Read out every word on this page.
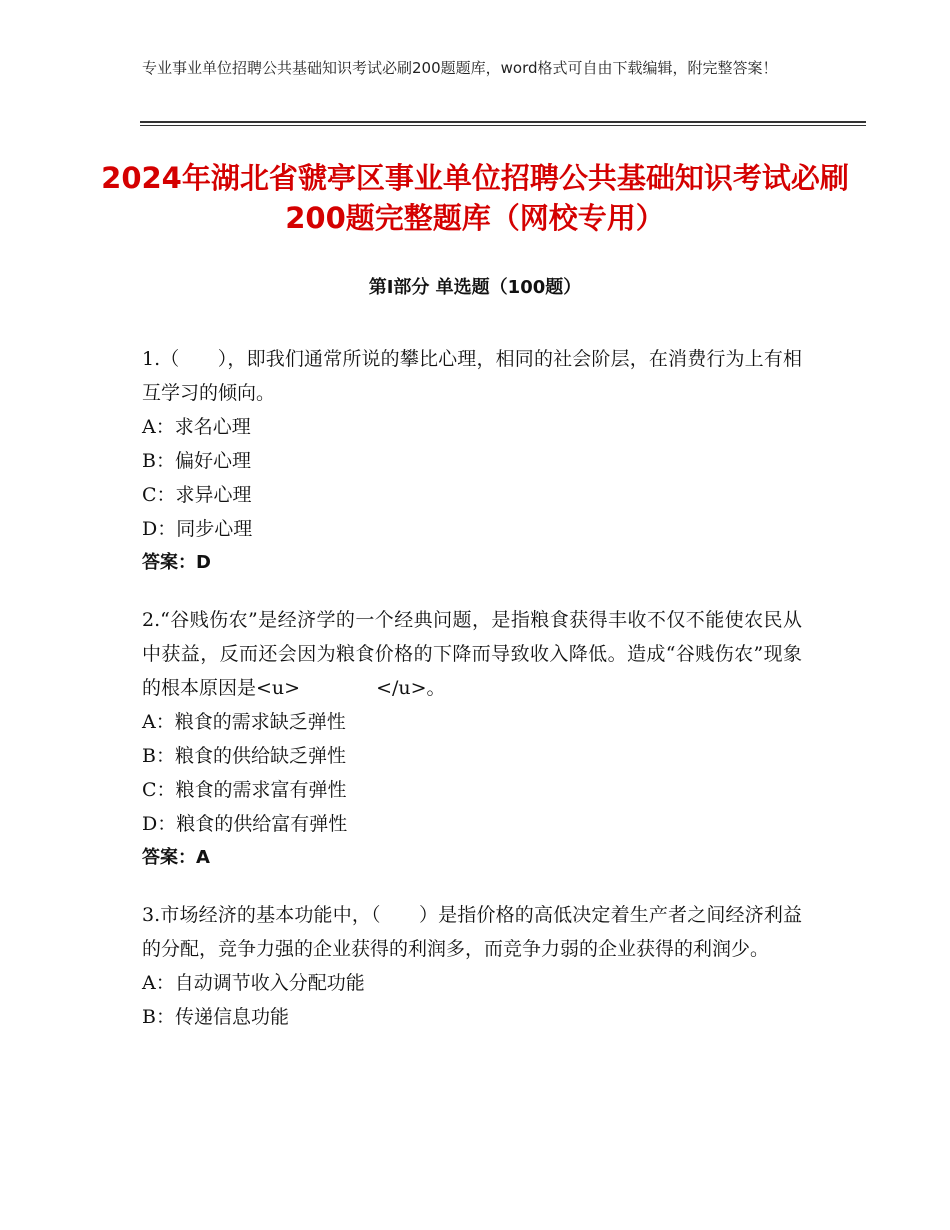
专业事业单位招聘公共基础知识考试必刷200题题库，word格式可自由下载编辑，附完整答案！
2024年湖北省虢亭区事业单位招聘公共基础知识考试必刷200题完整题库（网校专用）
第Ⅰ部分 单选题（100题）
1.（　　），即我们通常所说的攀比心理，相同的社会阶层，在消费行为上有相互学习的倾向。
A：求名心理
B：偏好心理
C：求异心理
D：同步心理
答案：D
2.“谷贱伤农”是经济学的一个经典问题，是指粮食获得丰收不仅不能使农民从中获益，反而还会因为粮食价格的下降而导致收入降低。造成“谷贱伤农”现象的根本原因是<u>　　　　</u>。
A：粮食的需求缺乏弹性
B：粮食的供给缺乏弹性
C：粮食的需求富有弹性
D：粮食的供给富有弹性
答案：A
3.市场经济的基本功能中，（　　）是指价格的高低决定着生产者之间经济利益的分配，竞争力强的企业获得的利润多，而竞争力弱的企业获得的利润少。
A：自动调节收入分配功能
B：传递信息功能
